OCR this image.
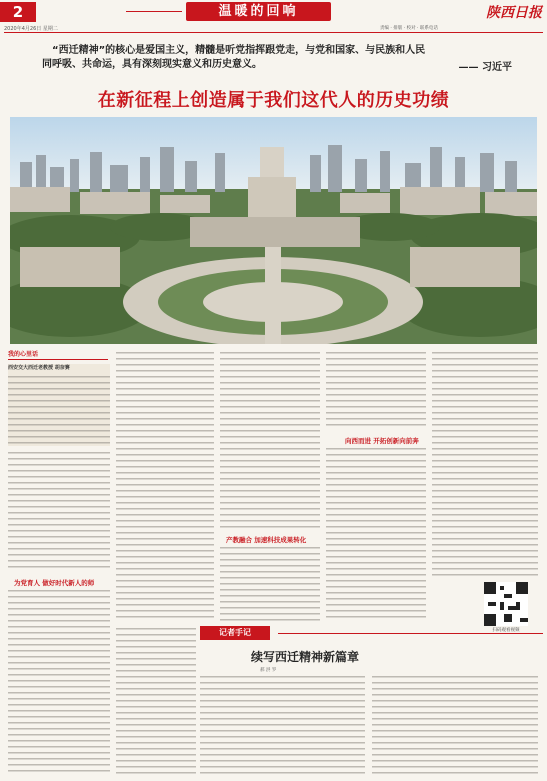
2	温暖的回响	陕西日报
2020年4月26日 星期二	责编 · 排版 · 校对 · 联系电话
“西迁精神”的核心是爱国主义，精髓是听党指挥跟党走，与党和国家、与民族和人民
同呼吸、共命运，具有深刻现实意义和历史意义。	—— 习近平
在新征程上创造属于我们这代人的历史功绩
我的心里话
西安交大西迁老教授 胡奈赛
为党育人 做好时代新人的师
产教融合 加速科技成果转化
向西而进 开拓创新向前奔
扫码观看视频
记者手记
续写西迁精神新篇章
郝 洪 罗
